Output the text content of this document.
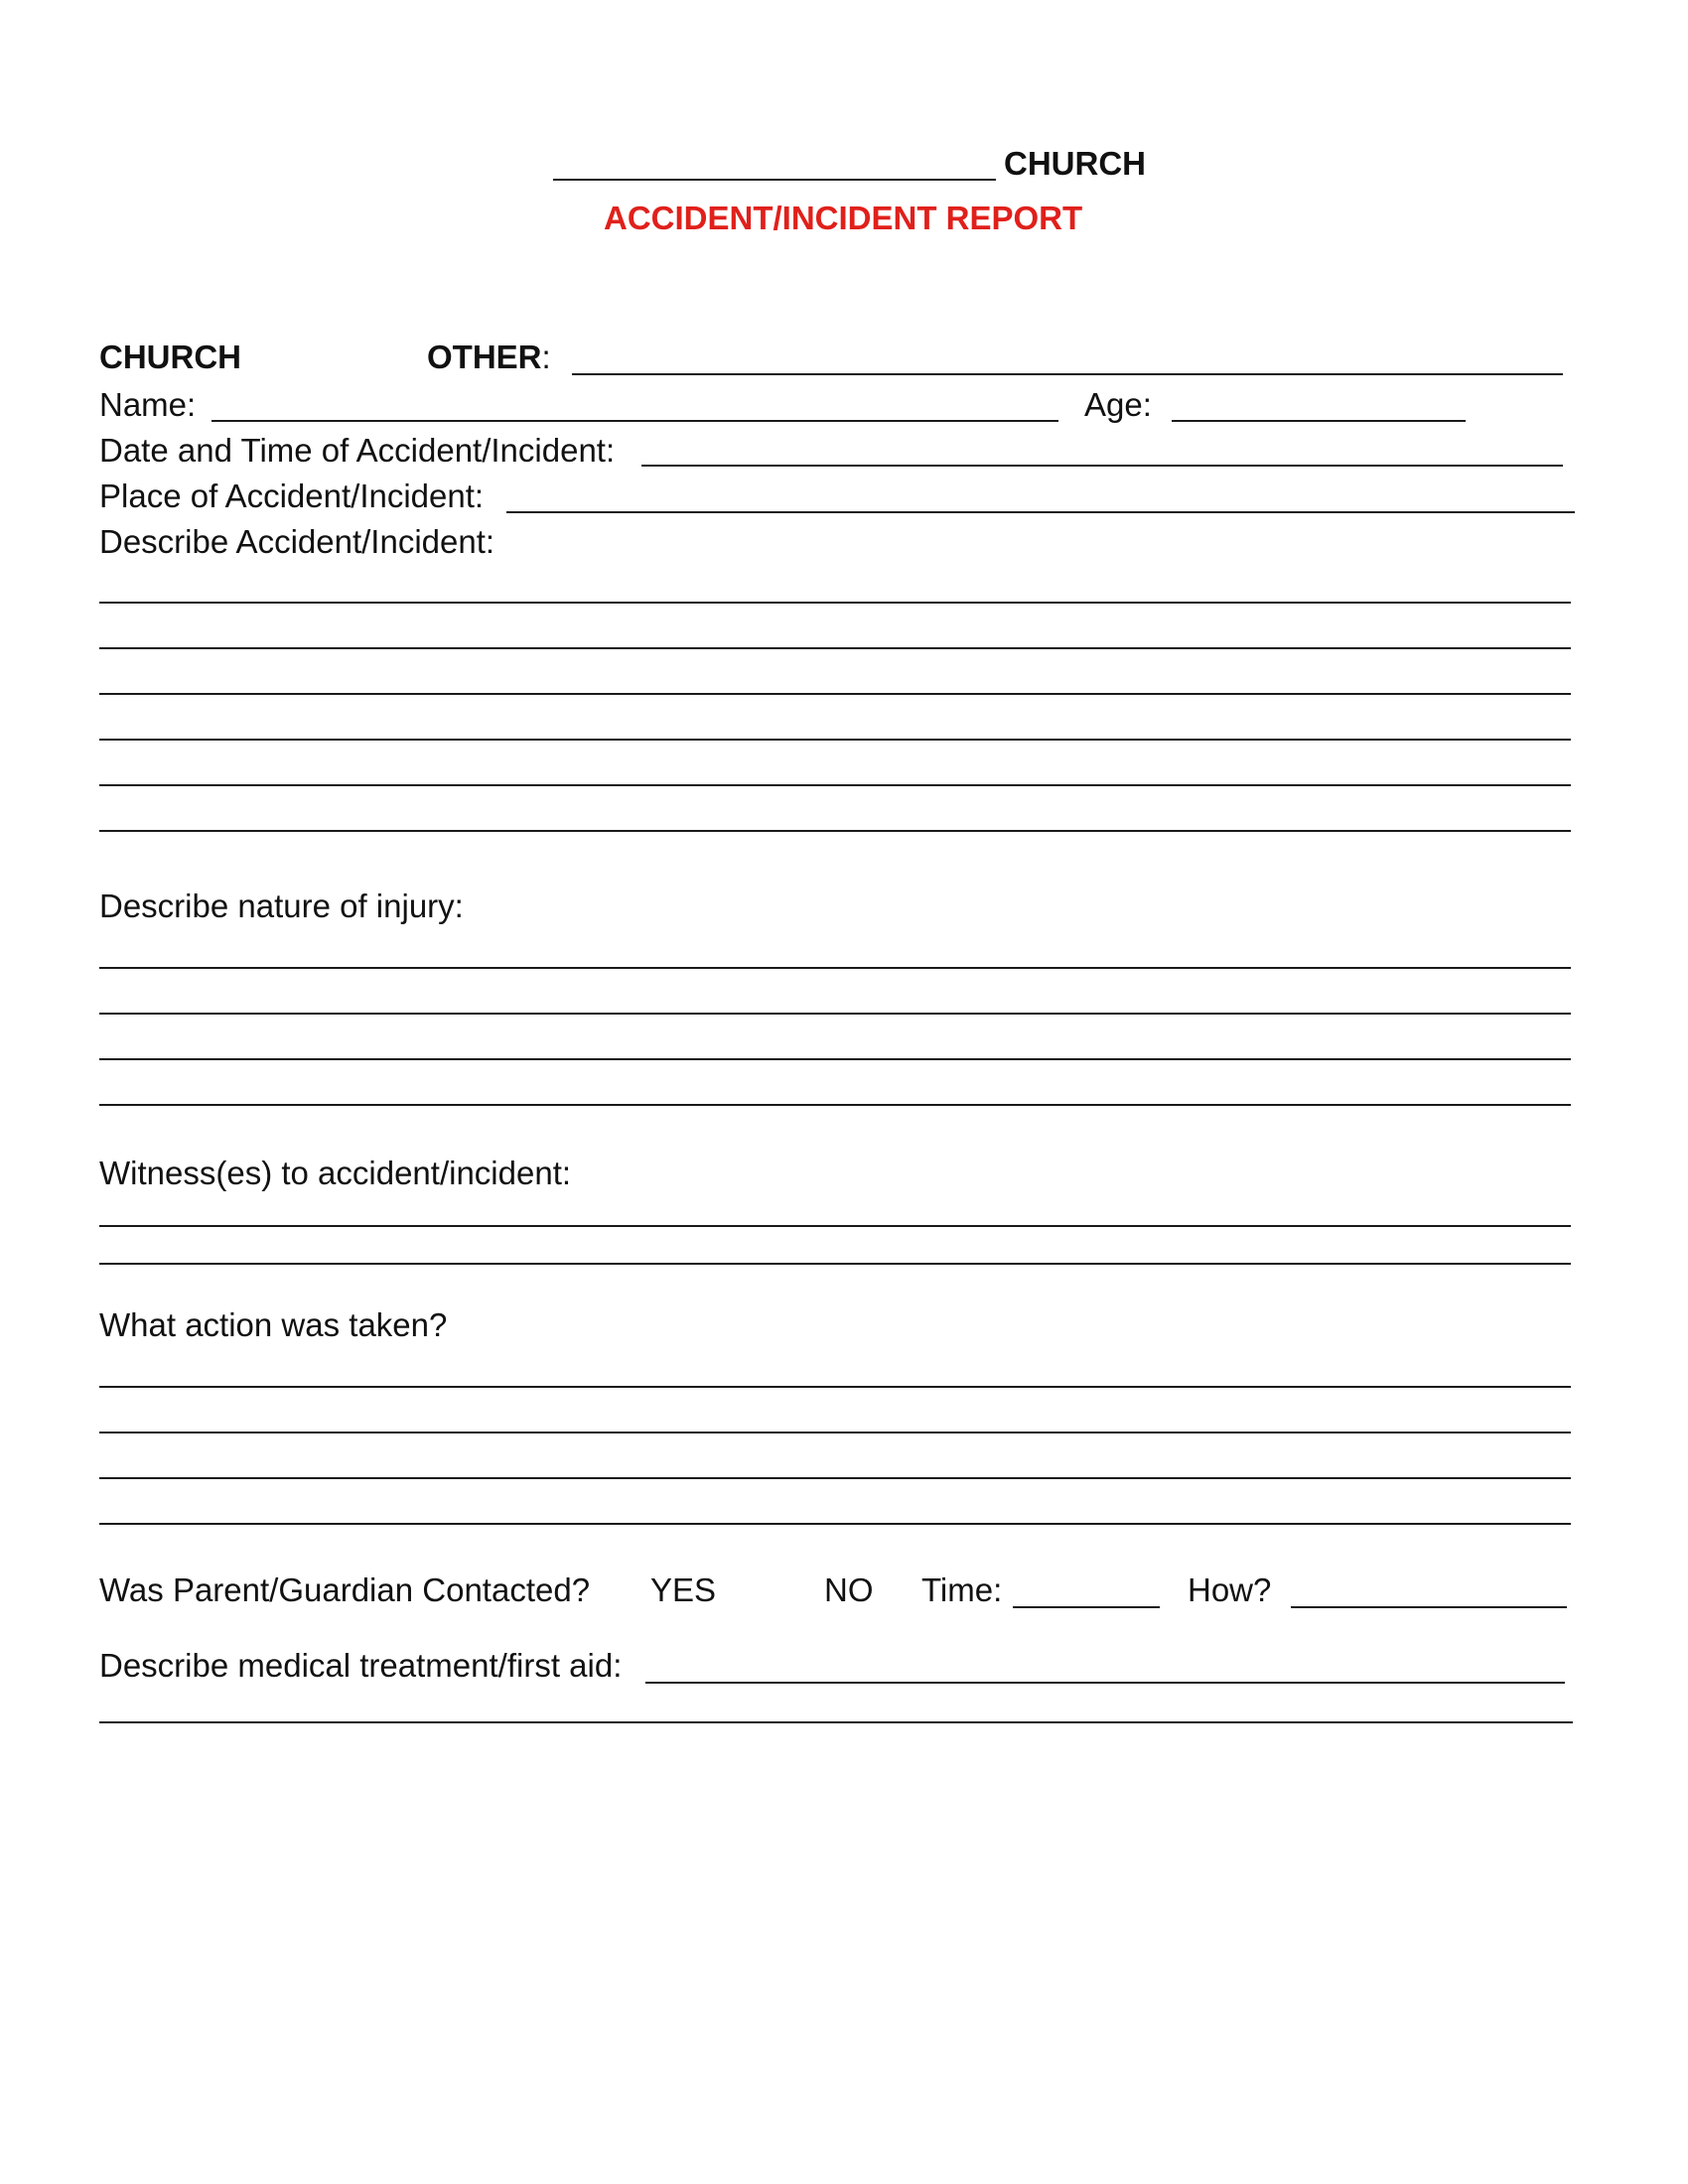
CHURCH
ACCIDENT/INCIDENT REPORT
CHURCH	OTHER:
Name:	Age:
Date and Time of Accident/Incident:
Place of Accident/Incident:
Describe Accident/Incident:
Describe nature of injury:
Witness(es) to accident/incident:
What action was taken?
Was Parent/Guardian Contacted? YES	NO Time:	How?
Describe medical treatment/first aid:
